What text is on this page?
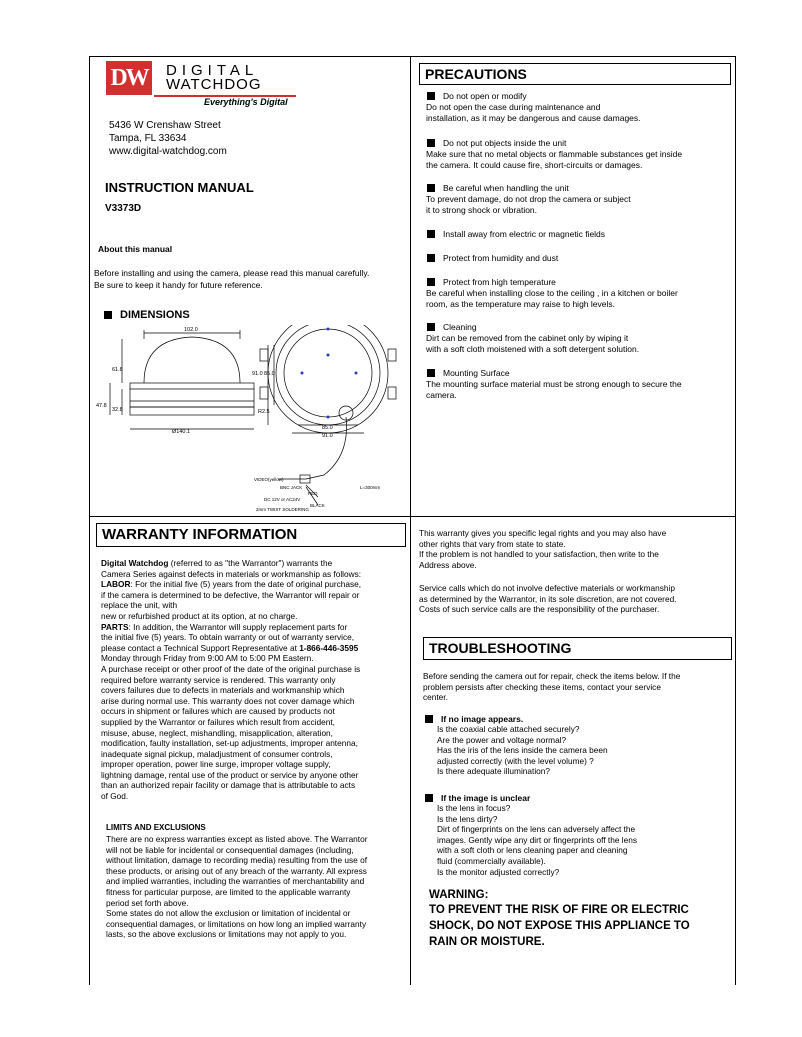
DW DIGITAL
WATCHDOG
Everything's Digital
5436 W Crenshaw Street
Tampa, FL 33634
www.digital-watchdog.com
INSTRUCTION MANUAL
V3373D
About this manual
Before installing and using the camera, please read this manual carefully.
Be sure to keep it handy for future reference.
DIMENSIONS
102.0
61.8
47.8
32.8
Ø140.1
91.0 85.0
R2.5
85.0
91.0
VIDEO(yellow)
BNC JACK	L=300mm
DC 12V or AC24V
RED
BLACK
2mm TWIST SOLDERING
PRECAUTIONS
Do not open or modify
Do not open the case during maintenance and
installation, as it may be dangerous and cause damages.
Do not put objects inside the unit
Make sure that no metal objects or flammable substances get inside
the camera. It could cause fire, short-circuits or damages.
Be careful when handling the unit
To prevent damage, do not drop the camera or subject
it to strong shock or vibration.
Install away from electric or magnetic fields
Protect from humidity and dust
Protect from high temperature
Be careful when installing close to the ceiling , in a kitchen or boiler
room, as the temperature may raise to high levels.
Cleaning
Dirt can be removed from the cabinet only by wiping it
with a soft cloth moistened with a soft detergent solution.
Mounting Surface
The mounting surface material must be strong enough to secure the
camera.
WARRANTY INFORMATION
Digital Watchdog (referred to as "the Warrantor") warrants the
Camera Series against defects in materials or workmanship as follows:
LABOR: For the initial five (5) years from the date of original purchase,
if the camera is determined to be defective, the Warrantor will repair or
replace the unit, with
new or refurbished product at its option, at no charge.
PARTS: In addition, the Warrantor will supply replacement parts for
the initial five (5) years. To obtain warranty or out of warranty service,
please contact a Technical Support Representative at 1-866-446-3595
Monday through Friday from 9:00 AM to 5:00 PM Eastern.
A purchase receipt or other proof of the date of the original purchase is
required before warranty service is rendered. This warranty only
covers failures due to defects in materials and workmanship which
arise during normal use. This warranty does not cover damage which
occurs in shipment or failures which are caused by products not
supplied by the Warrantor or failures which result from accident,
misuse, abuse, neglect, mishandling, misapplication, alteration,
modification, faulty installation, set-up adjustments, improper antenna,
inadequate signal pickup, maladjustment of consumer controls,
improper operation, power line surge, improper voltage supply,
lightning damage, rental use of the product or service by anyone other
than an authorized repair facility or damage that is attributable to acts
of God.
LIMITS AND EXCLUSIONS
There are no express warranties except as listed above. The Warrantor
will not be liable for incidental or consequential damages (including,
without limitation, damage to recording media) resulting from the use of
these products, or arising out of any breach of the warranty. All express
and implied warranties, including the warranties of merchantability and
fitness for particular purpose, are limited to the applicable warranty
period set forth above.
Some states do not allow the exclusion or limitation of incidental or
consequential damages, or limitations on how long an implied warranty
lasts, so the above exclusions or limitations may not apply to you.
This warranty gives you specific legal rights and you may also have
other rights that vary from state to state.
If the problem is not handled to your satisfaction, then write to the
Address above.
Service calls which do not involve defective materials or workmanship
as determined by the Warrantor, in its sole discretion, are not covered.
Costs of such service calls are the responsibility of the purchaser.
TROUBLESHOOTING
Before sending the camera out for repair, check the items below. If the
problem persists after checking these items, contact your service
center.
If no image appears.
Is the coaxial cable attached securely?
Are the power and voltage normal?
Has the iris of the lens inside the camera been
adjusted correctly (with the level volume) ?
Is there adequate illumination?
If the image is unclear
Is the lens in focus?
Is the lens dirty?
Dirt of fingerprints on the lens can adversely affect the
images. Gently wipe any dirt or fingerprints off the lens
with a soft cloth or lens cleaning paper and cleaning
fluid (commercially available).
Is the monitor adjusted correctly?
WARNING:
TO PREVENT THE RISK OF FIRE OR ELECTRIC
SHOCK, DO NOT EXPOSE THIS APPLIANCE TO
RAIN OR MOISTURE.
